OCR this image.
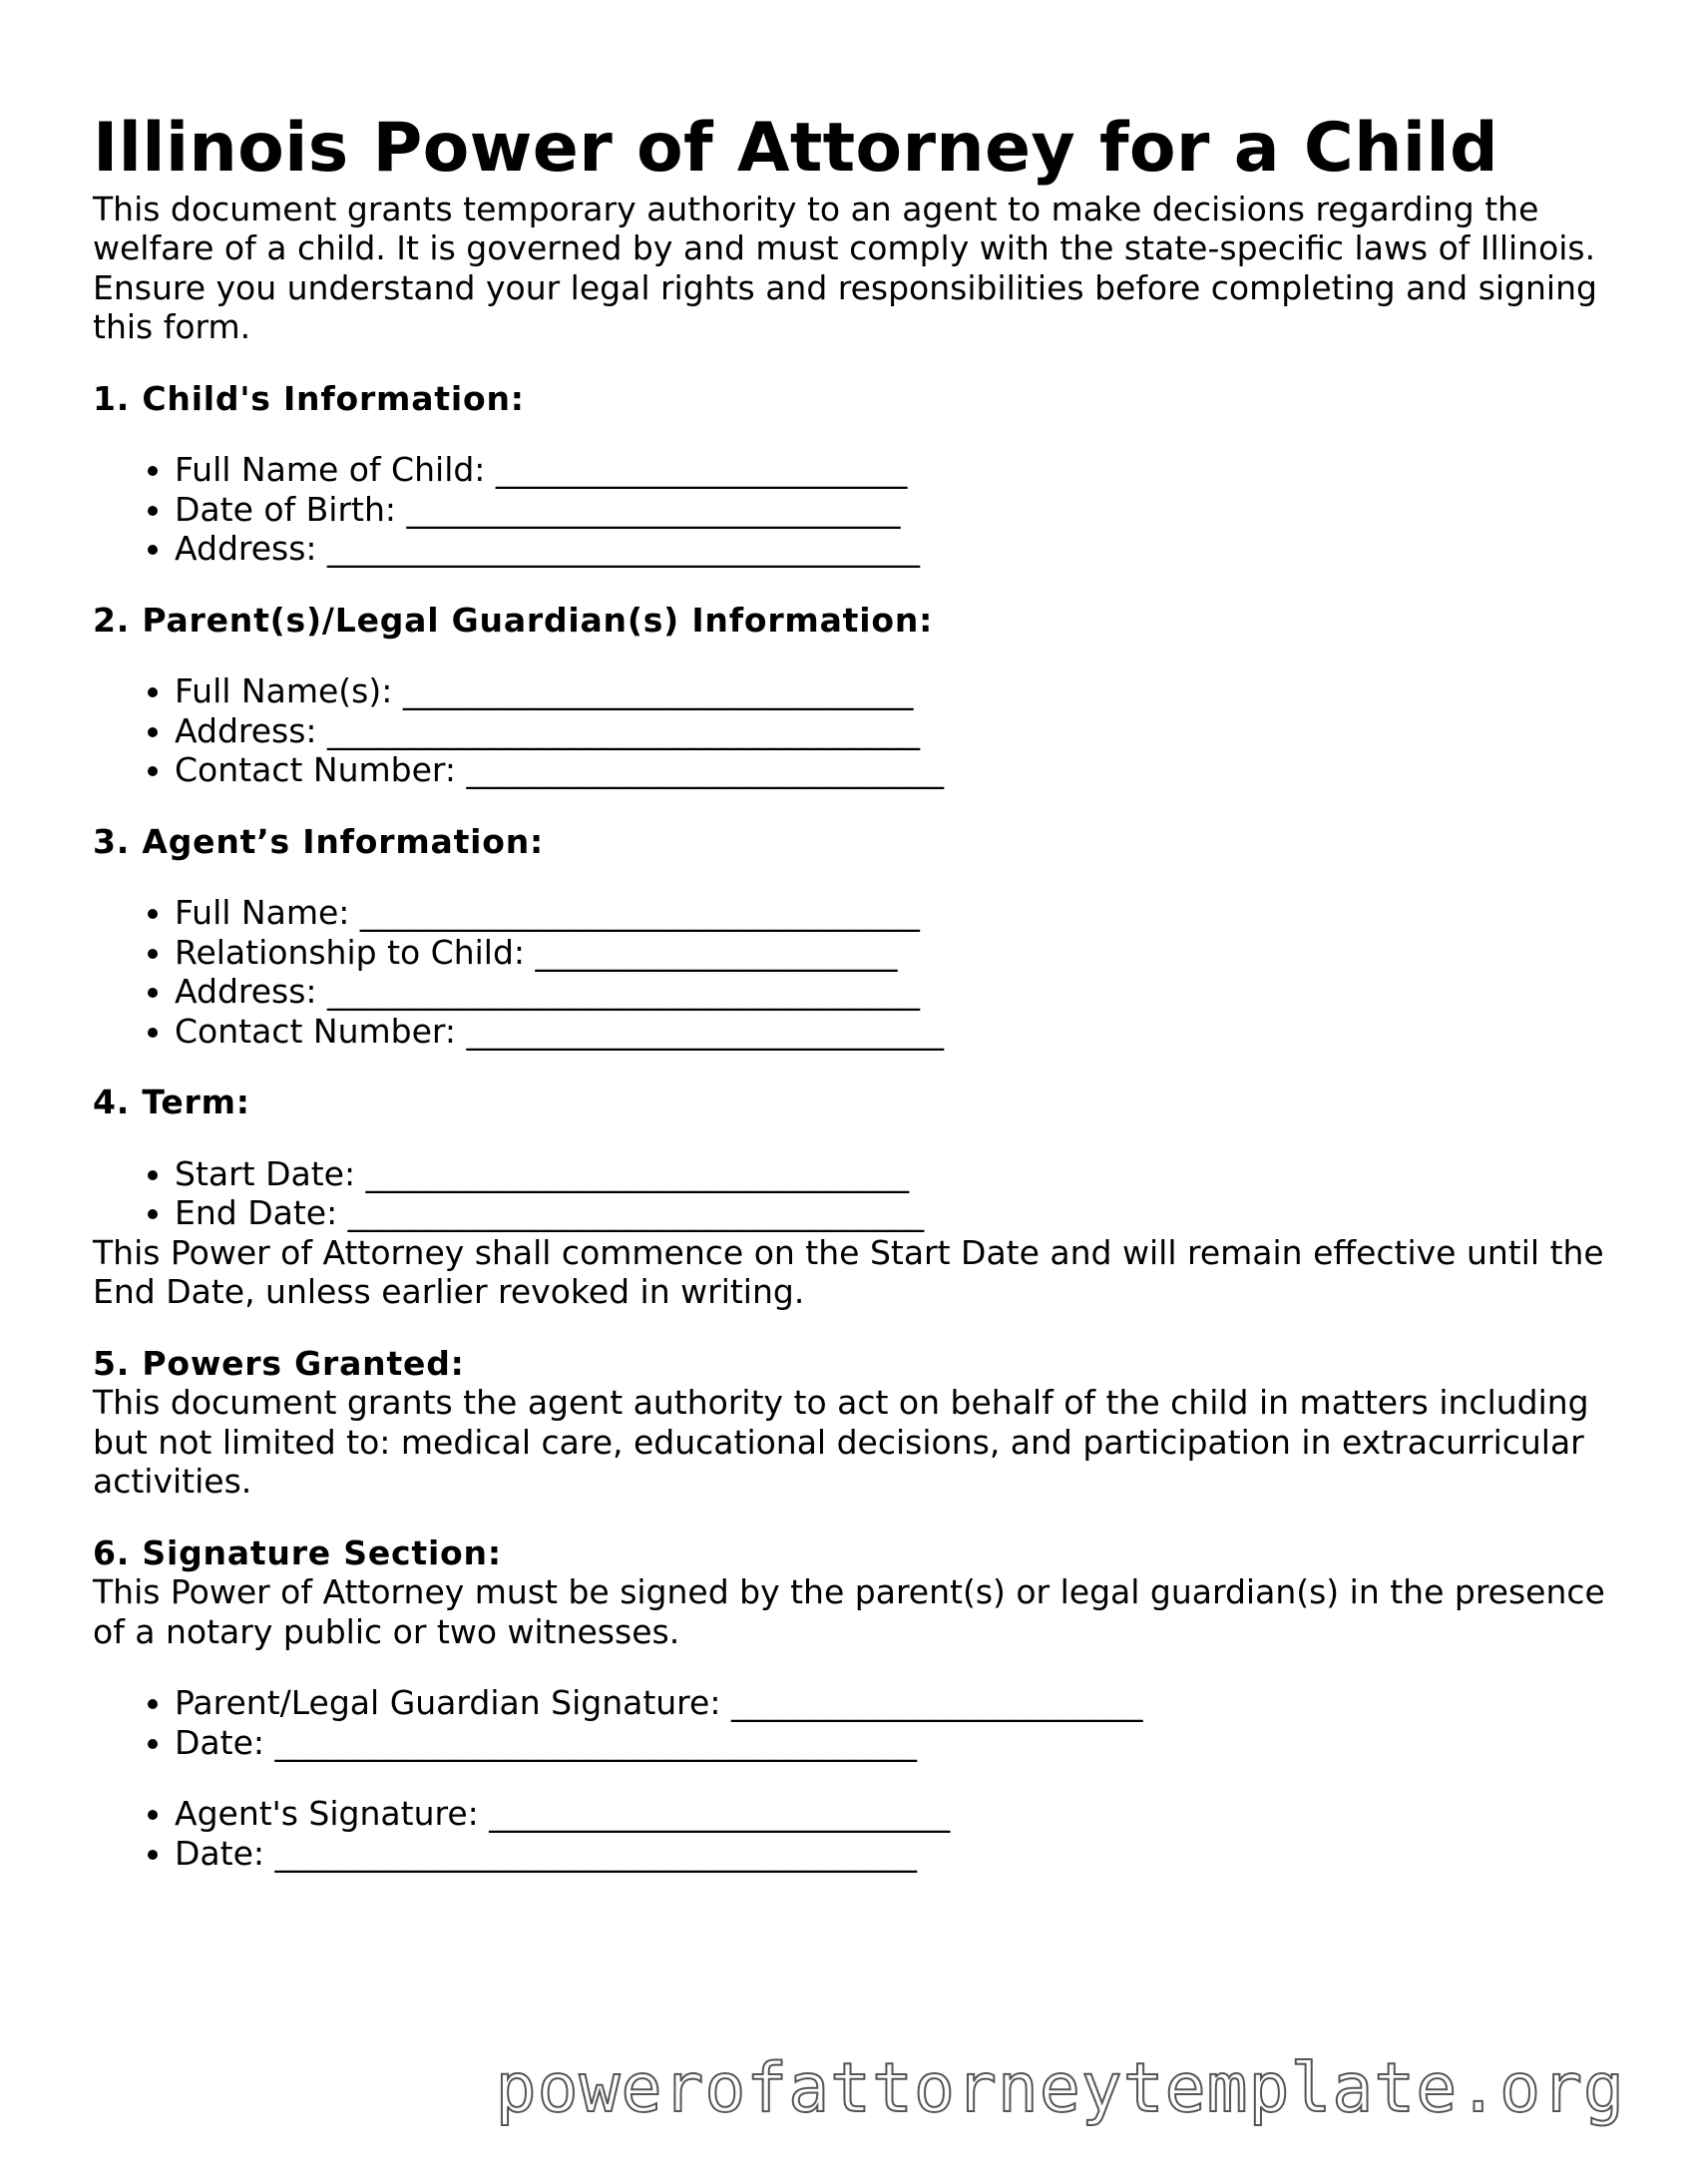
Illinois Power of Attorney for a Child

This document grants temporary authority to an agent to make decisions regarding the welfare of a child. It is governed by and must comply with the state-specific laws of Illinois. Ensure you understand your legal rights and responsibilities before completing and signing this form.

1. Child's Information:
• Full Name of Child: _________________________
• Date of Birth: ______________________________
• Address: ____________________________________
2. Parent(s)/Legal Guardian(s) Information:
• Full Name(s): _______________________________
• Address: ____________________________________
• Contact Number: _____________________________
3. Agent’s Information:
• Full Name: __________________________________
• Relationship to Child: ______________________
• Address: ____________________________________
• Contact Number: _____________________________
4. Term:
• Start Date: _________________________________
• End Date: ___________________________________

This Power of Attorney shall commence on the Start Date and will remain effective until the End Date, unless earlier revoked in writing.

5. Powers Granted:

This document grants the agent authority to act on behalf of the child in matters including but not limited to: medical care, educational decisions, and participation in extracurricular activities.

6. Signature Section:

This Power of Attorney must be signed by the parent(s) or legal guardian(s) in the presence of a notary public or two witnesses.

• Parent/Legal Guardian Signature: _________________________
• Date: _______________________________________
• Agent's Signature: ____________________________
• Date: _______________________________________
powerofattorneytemplate.org
